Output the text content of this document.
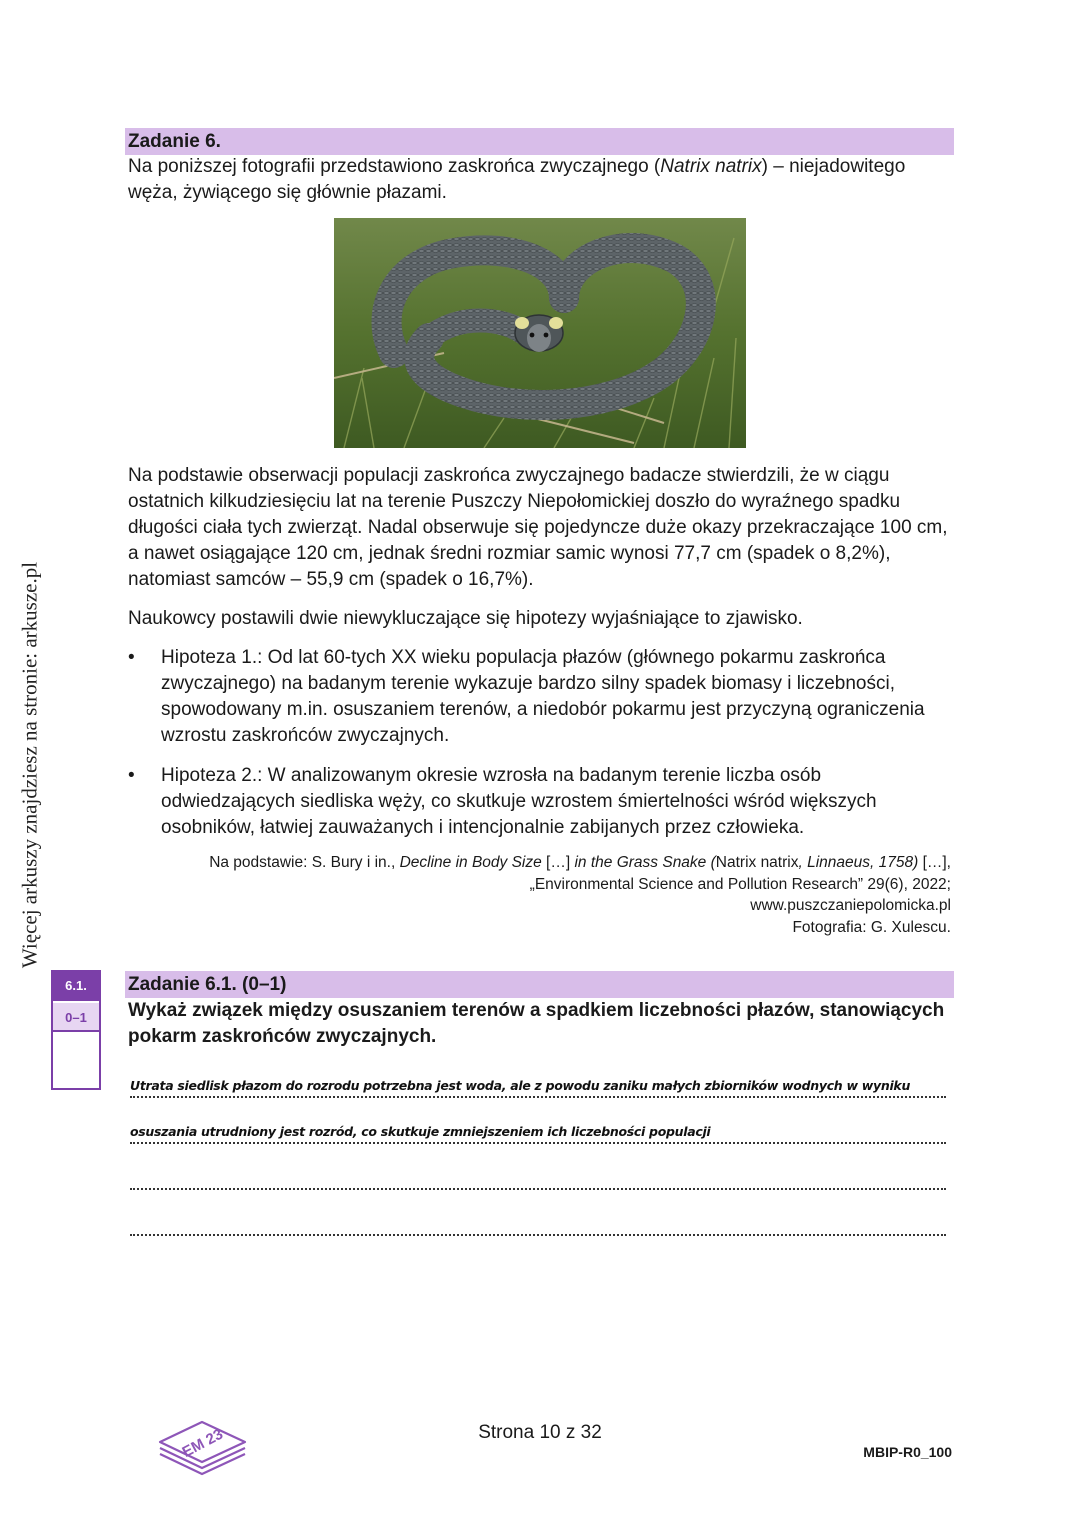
Więcej arkuszy znajdziesz na stronie: arkusze.pl
Zadanie 6.
Na poniższej fotografii przedstawiono zaskrońca zwyczajnego (Natrix natrix) – niejadowitego węża, żywiącego się głównie płazami.
Na podstawie obserwacji populacji zaskrońca zwyczajnego badacze stwierdzili, że w ciągu ostatnich kilkudziesięciu lat na terenie Puszczy Niepołomickiej doszło do wyraźnego spadku długości ciała tych zwierząt. Nadal obserwuje się pojedyncze duże okazy przekraczające 100 cm, a nawet osiągające 120 cm, jednak średni rozmiar samic wynosi 77,7 cm (spadek o 8,2%), natomiast samców – 55,9 cm (spadek o 16,7%).
Naukowcy postawili dwie niewykluczające się hipotezy wyjaśniające to zjawisko.
• Hipoteza 1.: Od lat 60-tych XX wieku populacja płazów (głównego pokarmu zaskrońca zwyczajnego) na badanym terenie wykazuje bardzo silny spadek biomasy i liczebności, spowodowany m.in. osuszaniem terenów, a niedobór pokarmu jest przyczyną ograniczenia wzrostu zaskrońców zwyczajnych.
• Hipoteza 2.: W analizowanym okresie wzrosła na badanym terenie liczba osób odwiedzających siedliska węży, co skutkuje wzrostem śmiertelności wśród większych osobników, łatwiej zauważanych i intencjonalnie zabijanych przez człowieka.
Na podstawie: S. Bury i in., Decline in Body Size […] in the Grass Snake (Natrix natrix, Linnaeus, 1758) […],
„Environmental Science and Pollution Research” 29(6), 2022;
www.puszczaniepolomicka.pl
Fotografia: G. Xulescu.
6.1.
0–1
Zadanie 6.1. (0–1)
Wykaż związek między osuszaniem terenów a spadkiem liczebności płazów, stanowiących pokarm zaskrońców zwyczajnych.
Utrata siedlisk płazom do rozrodu potrzebna jest woda, ale z powodu zaniku małych zbiorników wodnych w wyniku
osuszania utrudniony jest rozród, co skutkuje zmniejszeniem ich liczebności populacji
EM 23	Strona 10 z 32
MBIP-R0_100
